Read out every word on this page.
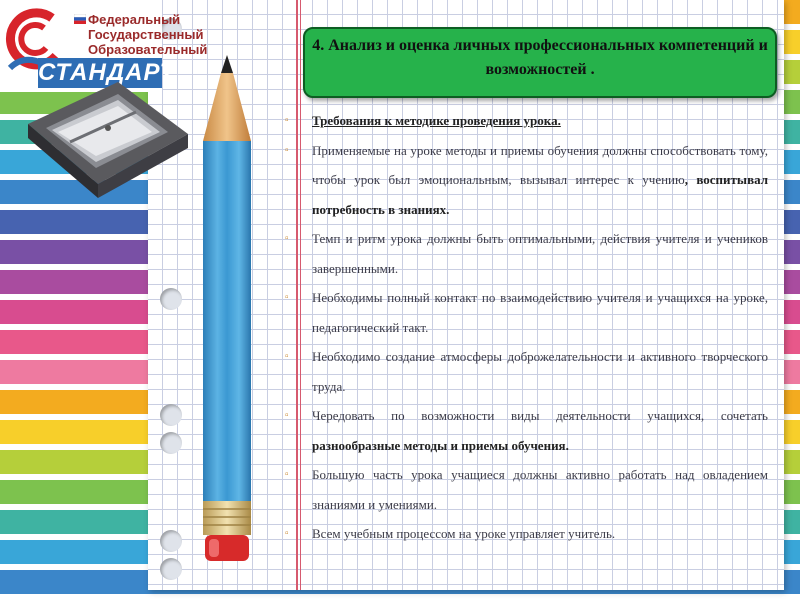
Федеральный
Государственный
Образовательный
СТАНДАРТ
4. Анализ и оценка личных профессиональных компетенций и возможностей .

▫	Требования к методике проведения урока.

▫	Применяемые на уроке методы и приемы обучения должны способствовать тому, чтобы урок был эмоциональным, вызывал интерес к учению, воспитывал потребность в знаниях.

▫	Темп и ритм урока должны быть оптимальными, действия учителя и учеников завершенными.

▫	Необходимы полный контакт по взаимодействию учителя и учащихся на уроке, педагогический такт.

▫	Необходимо создание атмосферы доброжелательности и активного творческого труда.

▫	Чередовать по возможности виды деятельности учащихся, сочетать разнообразные методы и приемы обучения.

▫	Большую часть урока учащиеся должны активно работать над овладением знаниями и умениями.

▫	Всем учебным процессом на уроке управляет учитель.
